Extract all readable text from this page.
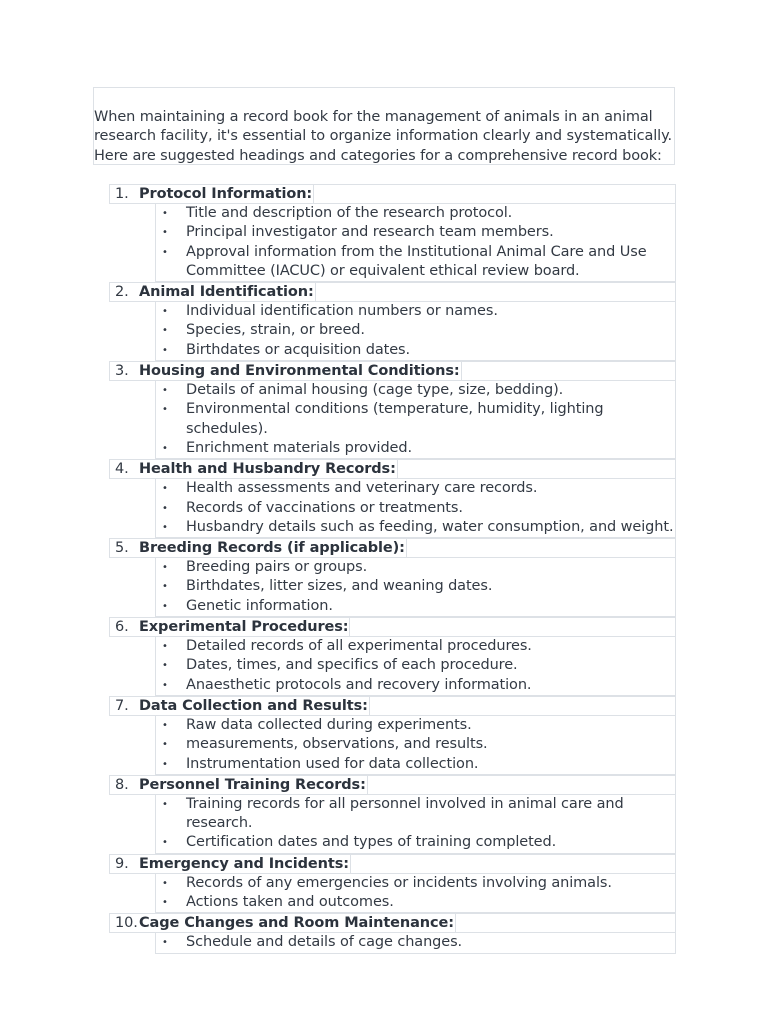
When maintaining a record book for the management of animals in an animal research facility, it's essential to organize information clearly and systematically. Here are suggested headings and categories for a comprehensive record book:
1. Protocol Information:
• Title and description of the research protocol.
• Principal investigator and research team members.
• Approval information from the Institutional Animal Care and Use Committee (IACUC) or equivalent ethical review board.
2. Animal Identification:
• Individual identification numbers or names.
• Species, strain, or breed.
• Birthdates or acquisition dates.
3. Housing and Environmental Conditions:
• Details of animal housing (cage type, size, bedding).
• Environmental conditions (temperature, humidity, lighting schedules).
• Enrichment materials provided.
4. Health and Husbandry Records:
• Health assessments and veterinary care records.
• Records of vaccinations or treatments.
• Husbandry details such as feeding, water consumption, and weight.
5. Breeding Records (if applicable):
• Breeding pairs or groups.
• Birthdates, litter sizes, and weaning dates.
• Genetic information.
6. Experimental Procedures:
• Detailed records of all experimental procedures.
• Dates, times, and specifics of each procedure.
• Anaesthetic protocols and recovery information.
7. Data Collection and Results:
• Raw data collected during experiments.
• measurements, observations, and results.
• Instrumentation used for data collection.
8. Personnel Training Records:
• Training records for all personnel involved in animal care and research.
• Certification dates and types of training completed.
9. Emergency and Incidents:
• Records of any emergencies or incidents involving animals.
• Actions taken and outcomes.
10. Cage Changes and Room Maintenance:
• Schedule and details of cage changes.
